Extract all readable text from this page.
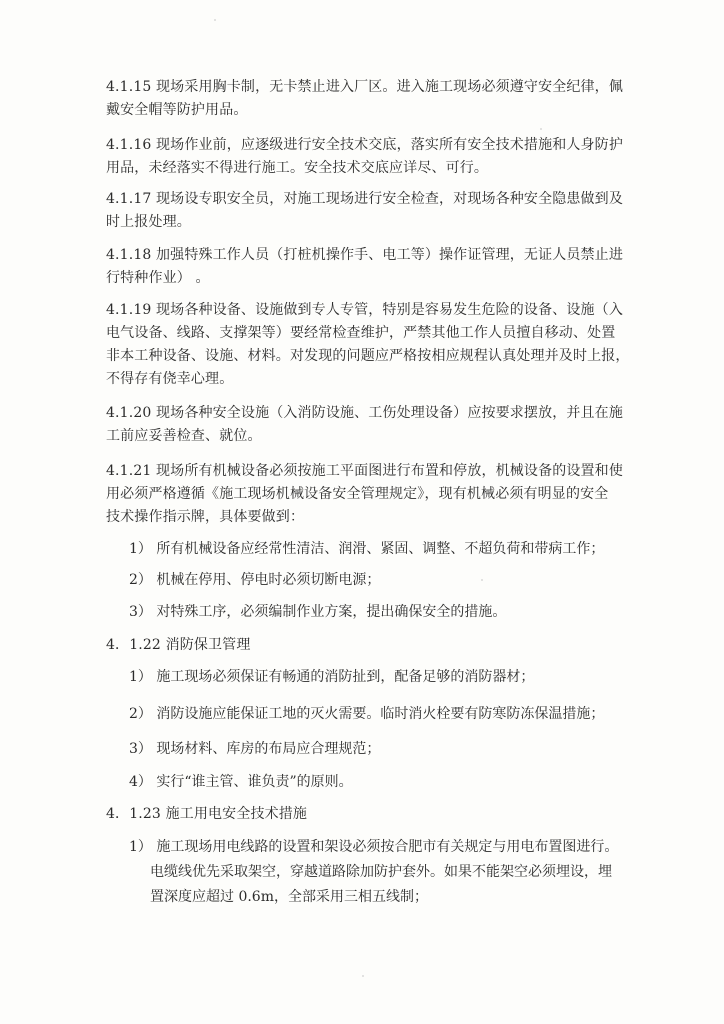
4.1.15 现场采用胸卡制，无卡禁止进入厂区。进入施工现场必须遵守安全纪律，佩

戴安全帽等防护用品。

4.1.16 现场作业前，应逐级进行安全技术交底，落实所有安全技术措施和人身防护

用品，未经落实不得进行施工。安全技术交底应详尽、可行。

4.1.17 现场设专职安全员，对施工现场进行安全检查，对现场各种安全隐患做到及

时上报处理。

4.1.18 加强特殊工作人员（打桩机操作手、电工等）操作证管理，无证人员禁止进

行特种作业） 。

4.1.19 现场各种设备、设施做到专人专管，特别是容易发生危险的设备、设施（入

电气设备、线路、支撑架等）要经常检查维护，严禁其他工作人员擅自移动、处置

非本工种设备、设施、材料。对发现的问题应严格按相应规程认真处理并及时上报，

不得存有侥幸心理。

4.1.20 现场各种安全设施（入消防设施、工伤处理设备）应按要求摆放，并且在施

工前应妥善检查、就位。

4.1.21 现场所有机械设备必须按施工平面图进行布置和停放，机械设备的设置和使

用必须严格遵循《施工现场机械设备安全管理规定》，现有机械必须有明显的安全

技术操作指示牌，具体要做到：

1） 所有机械设备应经常性清洁、润滑、紧固、调整、不超负荷和带病工作；

2） 机械在停用、停电时必须切断电源；

3） 对特殊工序，必须编制作业方案，提出确保安全的措施。

4．1.22 消防保卫管理

1） 施工现场必须保证有畅通的消防扯到，配备足够的消防器材；

2） 消防设施应能保证工地的灭火需要。临时消火栓要有防寒防冻保温措施；

3） 现场材料、库房的布局应合理规范；

4） 实行“谁主管、谁负责”的原则。

4．1.23 施工用电安全技术措施

1） 施工现场用电线路的设置和架设必须按合肥市有关规定与用电布置图进行。

电缆线优先采取架空，穿越道路除加防护套外。如果不能架空必须埋设，埋

置深度应超过 0.6m，全部采用三相五线制；
